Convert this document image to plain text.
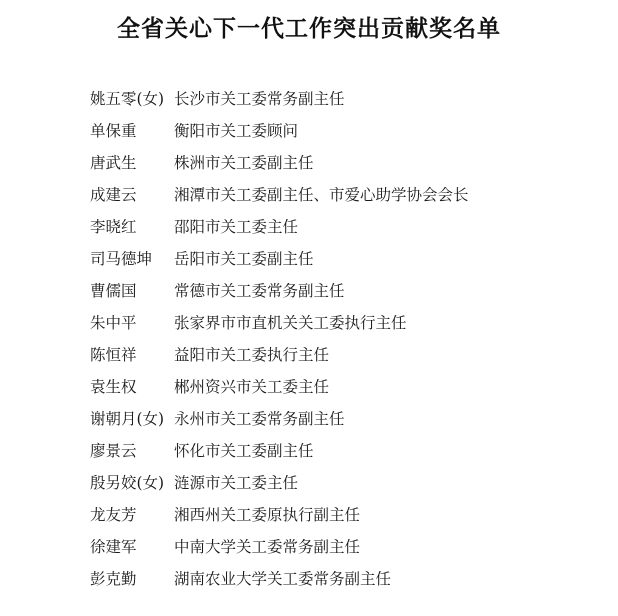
全省关心下一代工作突出贡献奖名单
姚五零(女) 长沙市关工委常务副主任
单保重	衡阳市关工委顾问
唐武生	株洲市关工委副主任
成建云	湘潭市关工委副主任、市爱心助学协会会长
李晓红	邵阳市关工委主任
司马德坤	岳阳市关工委副主任
曹儒国	常德市关工委常务副主任
朱中平	张家界市市直机关关工委执行主任
陈恒祥	益阳市关工委执行主任
袁生权	郴州资兴市关工委主任
谢朝月(女) 永州市关工委常务副主任
廖景云	怀化市关工委副主任
殷另姣(女) 涟源市关工委主任
龙友芳	湘西州关工委原执行副主任
徐建军	中南大学关工委常务副主任
彭克勤	湖南农业大学关工委常务副主任
